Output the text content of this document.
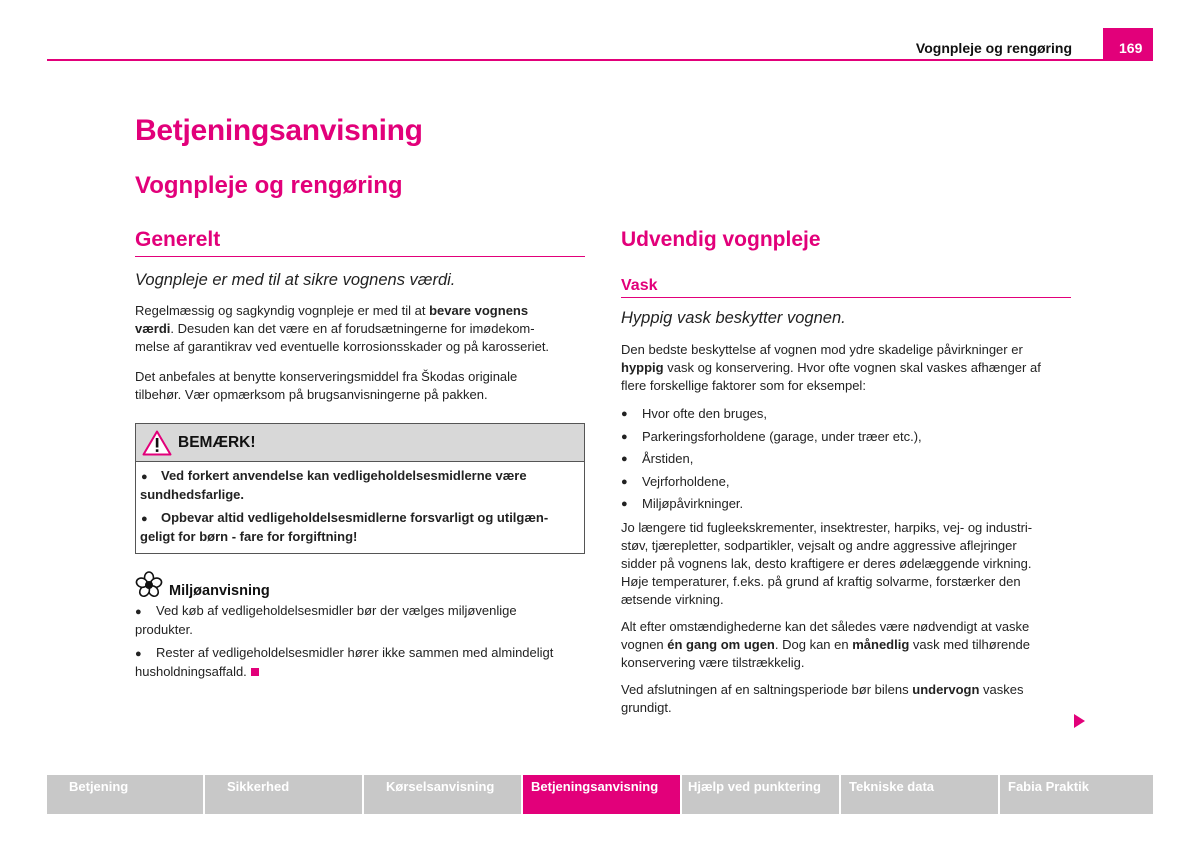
Vognpleje og rengøring	169
Betjeningsanvisning
Vognpleje og rengøring
Generelt
Vognpleje er med til at sikre vognens værdi.

Regelmæssig og sagkyndig vognpleje er med til at bevare vognens
værdi. Desuden kan det være en af forudsætningerne for imødekom-
melse af garantikrav ved eventuelle korrosionsskader og på karosseriet.

Det anbefales at benytte konserveringsmiddel fra Škodas originale
tilbehør. Vær opmærksom på brugsanvisningerne på pakken.

BEMÆRK!
● Ved forkert anvendelse kan vedligeholdelsesmidlerne være
sundhedsfarlige.
● Opbevar altid vedligeholdelsesmidlerne forsvarligt og utilgæn-
geligt for børn - fare for forgiftning!
Miljøanvisning
● Ved køb af vedligeholdelsesmidler bør der vælges miljøvenlige
produkter.
● Rester af vedligeholdelsesmidler hører ikke sammen med almindeligt
husholdningsaffald.
Udvendig vognpleje
Vask
Hyppig vask beskytter vognen.

Den bedste beskyttelse af vognen mod ydre skadelige påvirkninger er
hyppig vask og konservering. Hvor ofte vognen skal vaskes afhænger af
flere forskellige faktorer som for eksempel:

● Hvor ofte den bruges,
● Parkeringsforholdene (garage, under træer etc.),
● Årstiden,
● Vejrforholdene,
● Miljøpåvirkninger.

Jo længere tid fugleekskrementer, insektrester, harpiks, vej- og industri-
støv, tjærepletter, sodpartikler, vejsalt og andre aggressive aflejringer
sidder på vognens lak, desto kraftigere er deres ødelæggende virkning.
Høje temperaturer, f.eks. på grund af kraftig solvarme, forstærker den
ætsende virkning.

Alt efter omstændighederne kan det således være nødvendigt at vaske
vognen én gang om ugen. Dog kan en månedlig vask med tilhørende
konservering være tilstrækkelig.

Ved afslutningen af en saltningsperiode bør bilens undervogn vaskes
grundigt.

Betjening	Sikkerhed	Kørselsanvisning	Betjeningsanvisning	Hjælp ved punktering	Tekniske data	Fabia Praktik
